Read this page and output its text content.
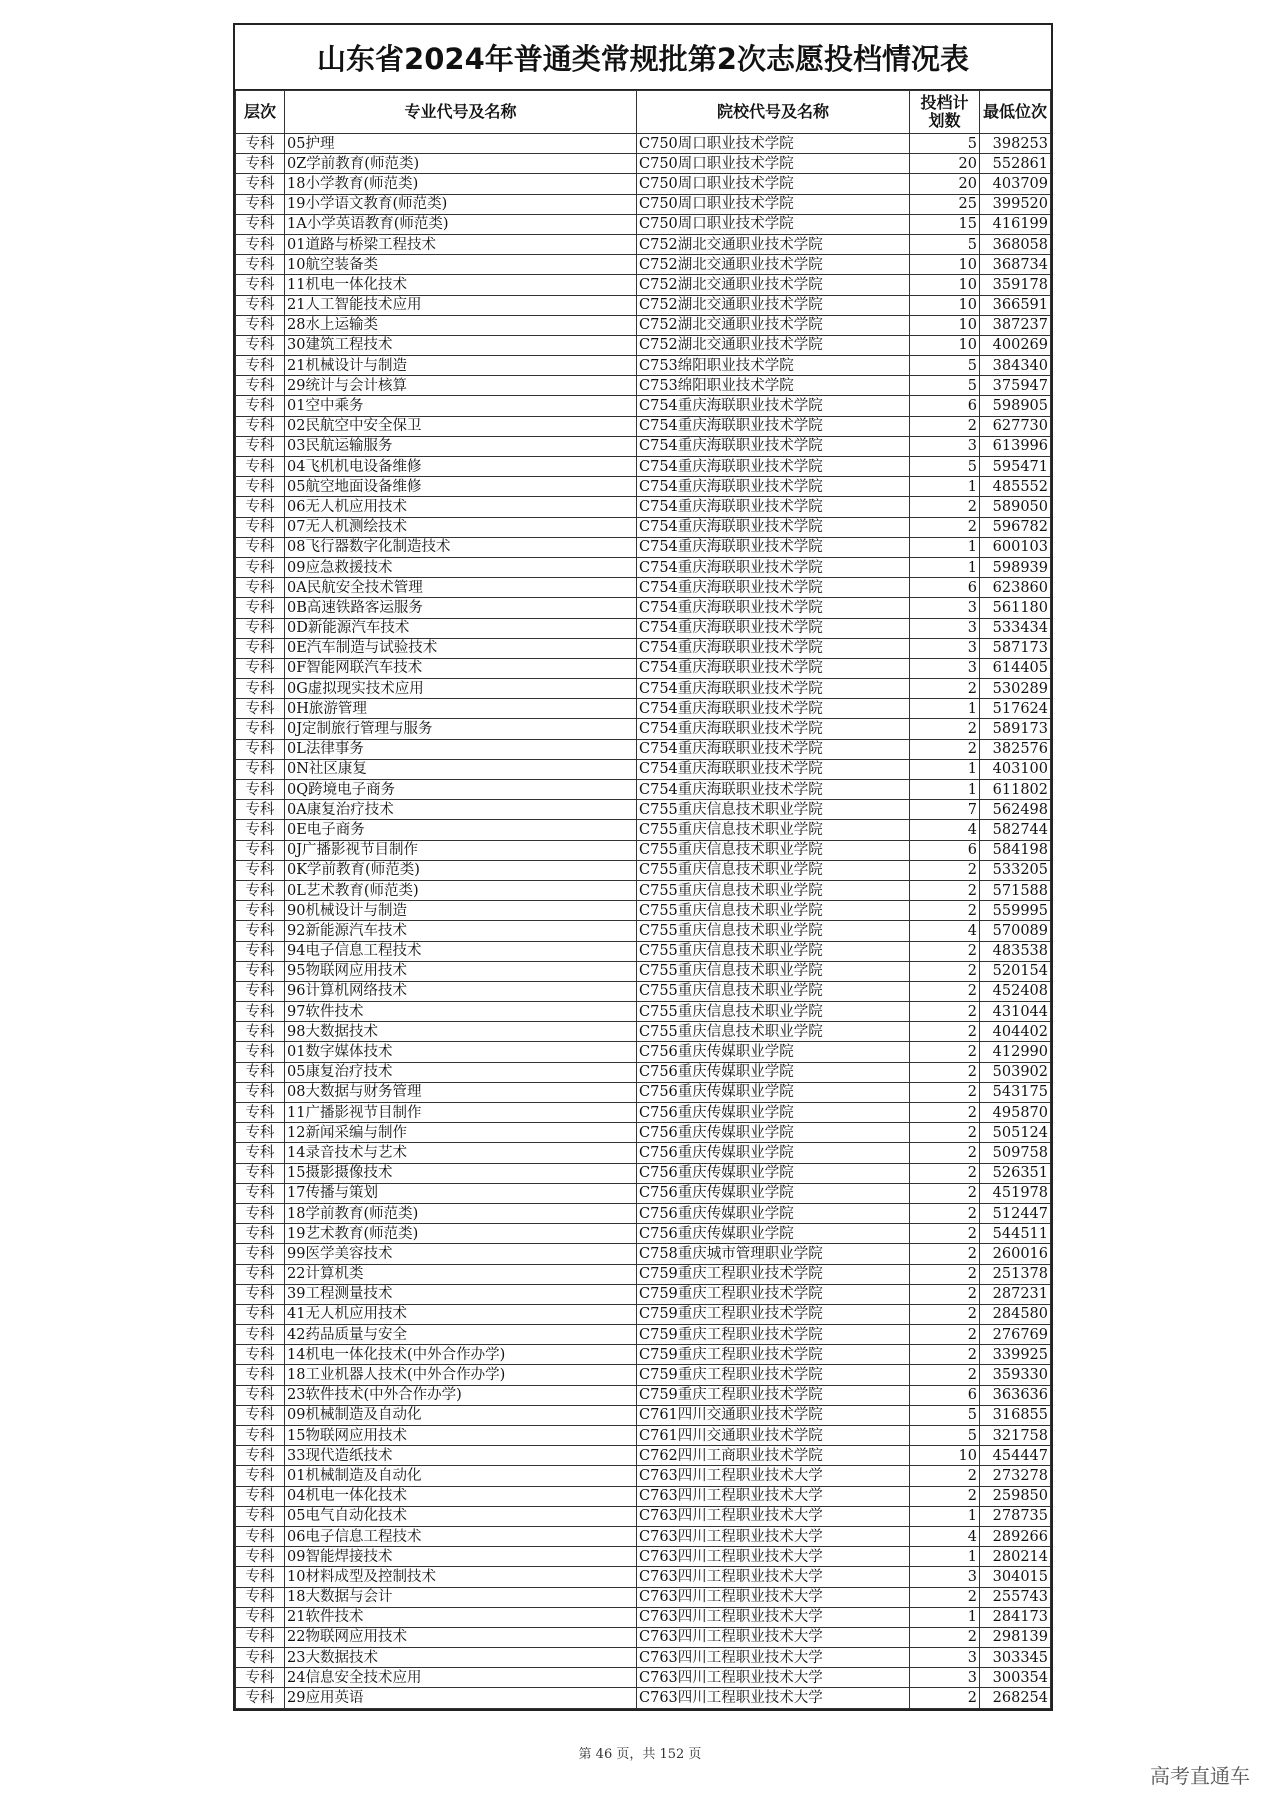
山东省2024年普通类常规批第2次志愿投档情况表
层次	专业代号及名称	院校代号及名称	投档计划数	最低位次
专科	05护理	C750周口职业技术学院	5	398253
专科	0Z学前教育(师范类)	C750周口职业技术学院	20	552861
专科	18小学教育(师范类)	C750周口职业技术学院	20	403709
专科	19小学语文教育(师范类)	C750周口职业技术学院	25	399520
专科	1A小学英语教育(师范类)	C750周口职业技术学院	15	416199
专科	01道路与桥梁工程技术	C752湖北交通职业技术学院	5	368058
专科	10航空装备类	C752湖北交通职业技术学院	10	368734
专科	11机电一体化技术	C752湖北交通职业技术学院	10	359178
专科	21人工智能技术应用	C752湖北交通职业技术学院	10	366591
专科	28水上运输类	C752湖北交通职业技术学院	10	387237
专科	30建筑工程技术	C752湖北交通职业技术学院	10	400269
专科	21机械设计与制造	C753绵阳职业技术学院	5	384340
专科	29统计与会计核算	C753绵阳职业技术学院	5	375947
专科	01空中乘务	C754重庆海联职业技术学院	6	598905
专科	02民航空中安全保卫	C754重庆海联职业技术学院	2	627730
专科	03民航运输服务	C754重庆海联职业技术学院	3	613996
专科	04飞机机电设备维修	C754重庆海联职业技术学院	5	595471
专科	05航空地面设备维修	C754重庆海联职业技术学院	1	485552
专科	06无人机应用技术	C754重庆海联职业技术学院	2	589050
专科	07无人机测绘技术	C754重庆海联职业技术学院	2	596782
专科	08飞行器数字化制造技术	C754重庆海联职业技术学院	1	600103
专科	09应急救援技术	C754重庆海联职业技术学院	1	598939
专科	0A民航安全技术管理	C754重庆海联职业技术学院	6	623860
专科	0B高速铁路客运服务	C754重庆海联职业技术学院	3	561180
专科	0D新能源汽车技术	C754重庆海联职业技术学院	3	533434
专科	0E汽车制造与试验技术	C754重庆海联职业技术学院	3	587173
专科	0F智能网联汽车技术	C754重庆海联职业技术学院	3	614405
专科	0G虚拟现实技术应用	C754重庆海联职业技术学院	2	530289
专科	0H旅游管理	C754重庆海联职业技术学院	1	517624
专科	0J定制旅行管理与服务	C754重庆海联职业技术学院	2	589173
专科	0L法律事务	C754重庆海联职业技术学院	2	382576
专科	0N社区康复	C754重庆海联职业技术学院	1	403100
专科	0Q跨境电子商务	C754重庆海联职业技术学院	1	611802
专科	0A康复治疗技术	C755重庆信息技术职业学院	7	562498
专科	0E电子商务	C755重庆信息技术职业学院	4	582744
专科	0J广播影视节目制作	C755重庆信息技术职业学院	6	584198
专科	0K学前教育(师范类)	C755重庆信息技术职业学院	2	533205
专科	0L艺术教育(师范类)	C755重庆信息技术职业学院	2	571588
专科	90机械设计与制造	C755重庆信息技术职业学院	2	559995
专科	92新能源汽车技术	C755重庆信息技术职业学院	4	570089
专科	94电子信息工程技术	C755重庆信息技术职业学院	2	483538
专科	95物联网应用技术	C755重庆信息技术职业学院	2	520154
专科	96计算机网络技术	C755重庆信息技术职业学院	2	452408
专科	97软件技术	C755重庆信息技术职业学院	2	431044
专科	98大数据技术	C755重庆信息技术职业学院	2	404402
专科	01数字媒体技术	C756重庆传媒职业学院	2	412990
专科	05康复治疗技术	C756重庆传媒职业学院	2	503902
专科	08大数据与财务管理	C756重庆传媒职业学院	2	543175
专科	11广播影视节目制作	C756重庆传媒职业学院	2	495870
专科	12新闻采编与制作	C756重庆传媒职业学院	2	505124
专科	14录音技术与艺术	C756重庆传媒职业学院	2	509758
专科	15摄影摄像技术	C756重庆传媒职业学院	2	526351
专科	17传播与策划	C756重庆传媒职业学院	2	451978
专科	18学前教育(师范类)	C756重庆传媒职业学院	2	512447
专科	19艺术教育(师范类)	C756重庆传媒职业学院	2	544511
专科	99医学美容技术	C758重庆城市管理职业学院	2	260016
专科	22计算机类	C759重庆工程职业技术学院	2	251378
专科	39工程测量技术	C759重庆工程职业技术学院	2	287231
专科	41无人机应用技术	C759重庆工程职业技术学院	2	284580
专科	42药品质量与安全	C759重庆工程职业技术学院	2	276769
专科	14机电一体化技术(中外合作办学)	C759重庆工程职业技术学院	2	339925
专科	18工业机器人技术(中外合作办学)	C759重庆工程职业技术学院	2	359330
专科	23软件技术(中外合作办学)	C759重庆工程职业技术学院	6	363636
专科	09机械制造及自动化	C761四川交通职业技术学院	5	316855
专科	15物联网应用技术	C761四川交通职业技术学院	5	321758
专科	33现代造纸技术	C762四川工商职业技术学院	10	454447
专科	01机械制造及自动化	C763四川工程职业技术大学	2	273278
专科	04机电一体化技术	C763四川工程职业技术大学	2	259850
专科	05电气自动化技术	C763四川工程职业技术大学	1	278735
专科	06电子信息工程技术	C763四川工程职业技术大学	4	289266
专科	09智能焊接技术	C763四川工程职业技术大学	1	280214
专科	10材料成型及控制技术	C763四川工程职业技术大学	3	304015
专科	18大数据与会计	C763四川工程职业技术大学	2	255743
专科	21软件技术	C763四川工程职业技术大学	1	284173
专科	22物联网应用技术	C763四川工程职业技术大学	2	298139
专科	23大数据技术	C763四川工程职业技术大学	3	303345
专科	24信息安全技术应用	C763四川工程职业技术大学	3	300354
专科	29应用英语	C763四川工程职业技术大学	2	268254
第 46 页，共 152 页
高考直通车
